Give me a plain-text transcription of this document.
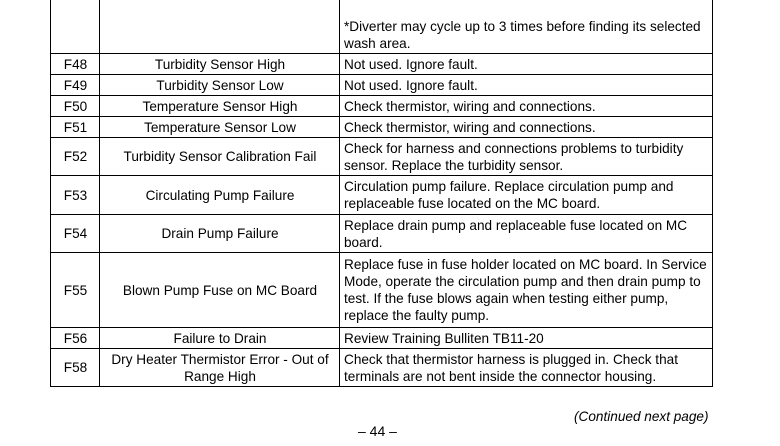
		*Diverter may cycle up to 3 times before finding its selected wash area.

F48	Turbidity Sensor High	Not used. Ignore fault.
F49	Turbidity Sensor Low	Not used. Ignore fault.
F50	Temperature Sensor High	Check thermistor, wiring and connections.
F51	Temperature Sensor Low	Check thermistor, wiring and connections.
F52	Turbidity Sensor Calibration Fail	Check for harness and connections problems to turbidity sensor. Replace the turbidity sensor.
F53	Circulating Pump Failure	Circulation pump failure. Replace circulation pump and replaceable fuse located on the MC board.
F54	Drain Pump Failure	Replace drain pump and replaceable fuse located on MC board.
F55	Blown Pump Fuse on MC Board	Replace fuse in fuse holder located on MC board. In Service Mode, operate the circulation pump and then drain pump to test. If the fuse blows again when testing either pump, replace the faulty pump.
F56	Failure to Drain	Review Training Bulliten TB11-20
F58	Dry Heater Thermistor Error - Out of Range High	Check that thermistor harness is plugged in. Check that terminals are not bent inside the connector housing.
(Continued next page)
– 44 –
